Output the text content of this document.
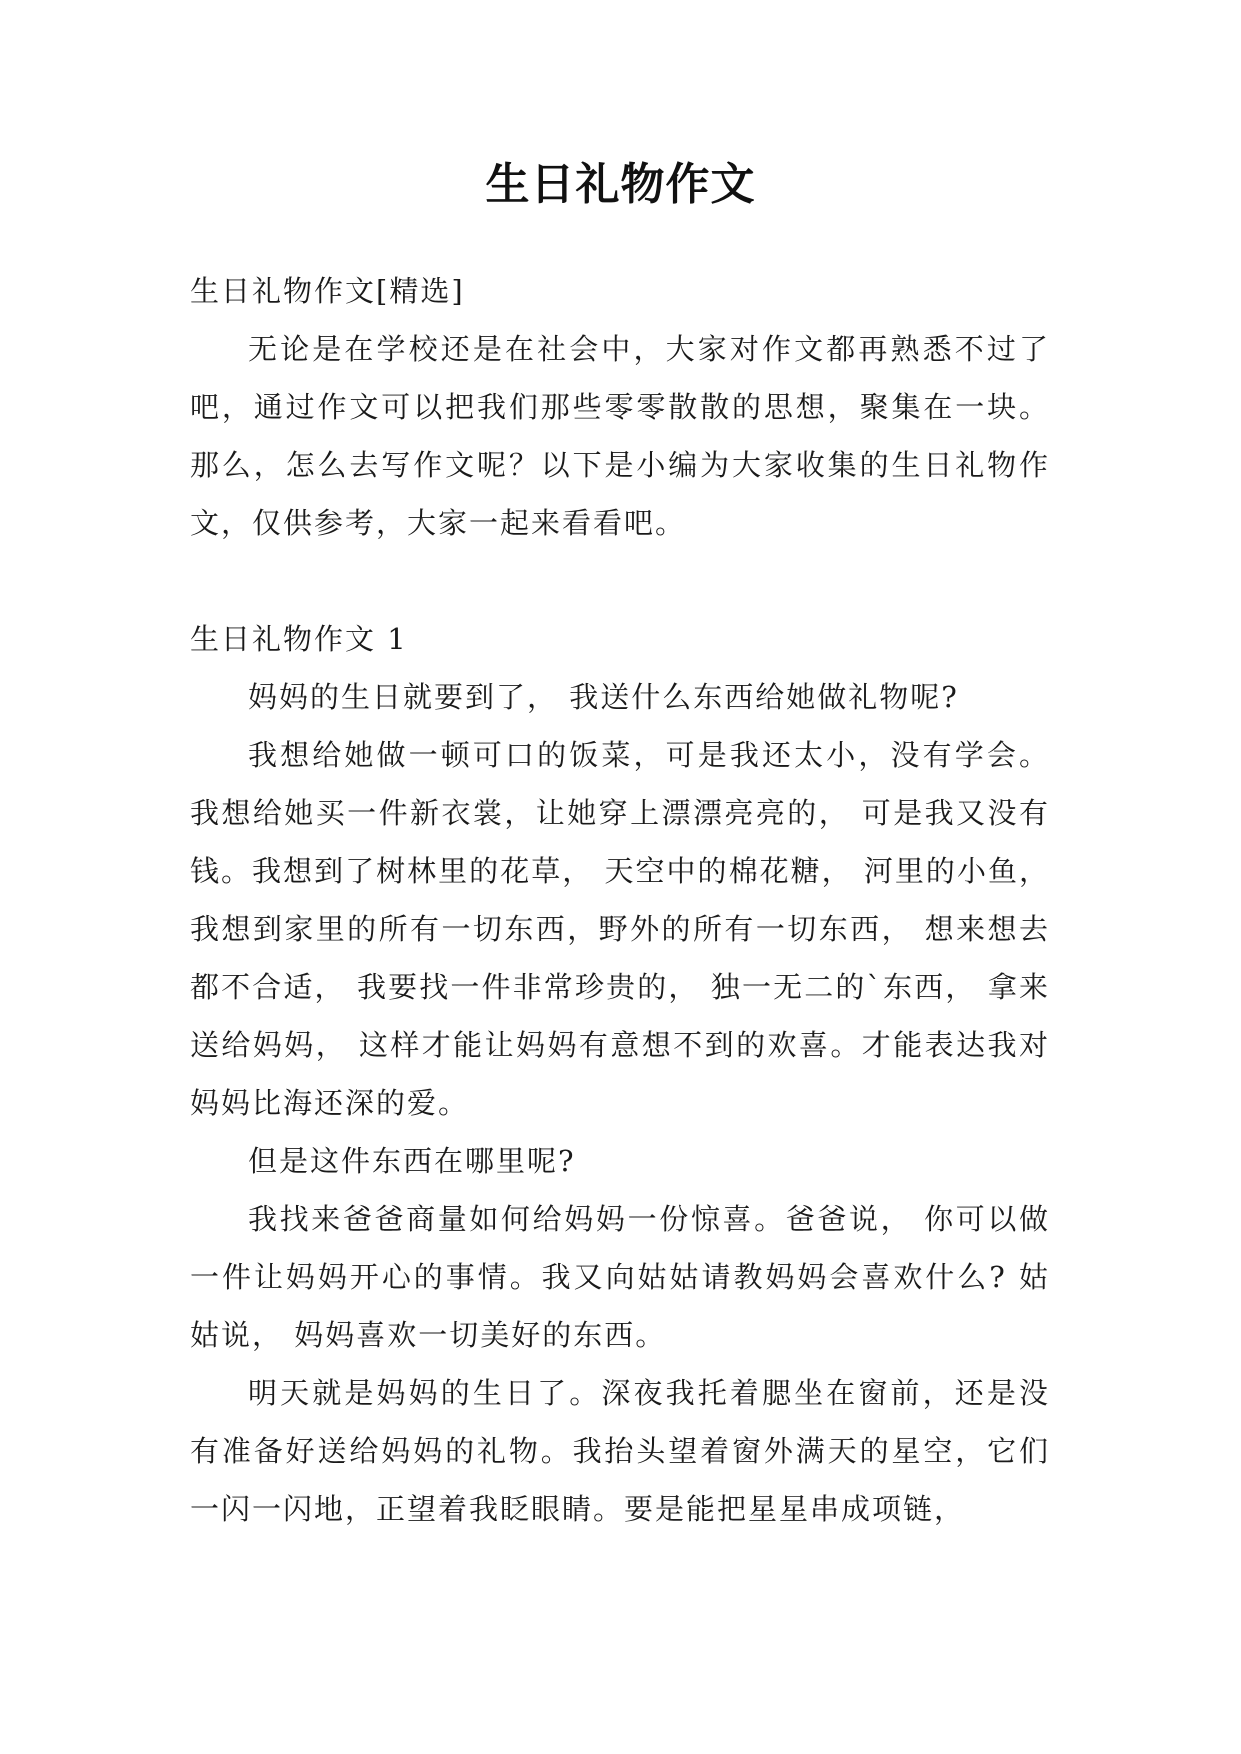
生日礼物作文

生日礼物作文[精选]

无论是在学校还是在社会中，大家对作文都再熟悉不过了吧，通过作文可以把我们那些零零散散的思想，聚集在一块。那么，怎么去写作文呢？以下是小编为大家收集的生日礼物作文，仅供参考，大家一起来看看吧。

生日礼物作文 1

妈妈的生日就要到了， 我送什么东西给她做礼物呢?

我想给她做一顿可口的饭菜，可是我还太小，没有学会。我想给她买一件新衣裳，让她穿上漂漂亮亮的， 可是我又没有钱。我想到了树林里的花草， 天空中的棉花糖， 河里的小鱼， 我想到家里的所有一切东西，野外的所有一切东西， 想来想去都不合适， 我要找一件非常珍贵的， 独一无二的`东西， 拿来送给妈妈， 这样才能让妈妈有意想不到的欢喜。才能表达我对妈妈比海还深的爱。

但是这件东西在哪里呢?

我找来爸爸商量如何给妈妈一份惊喜。爸爸说， 你可以做一件让妈妈开心的事情。我又向姑姑请教妈妈会喜欢什么? 姑姑说， 妈妈喜欢一切美好的东西。

明天就是妈妈的生日了。深夜我托着腮坐在窗前，还是没有准备好送给妈妈的礼物。我抬头望着窗外满天的星空，它们一闪一闪地，正望着我眨眼睛。要是能把星星串成项链，
